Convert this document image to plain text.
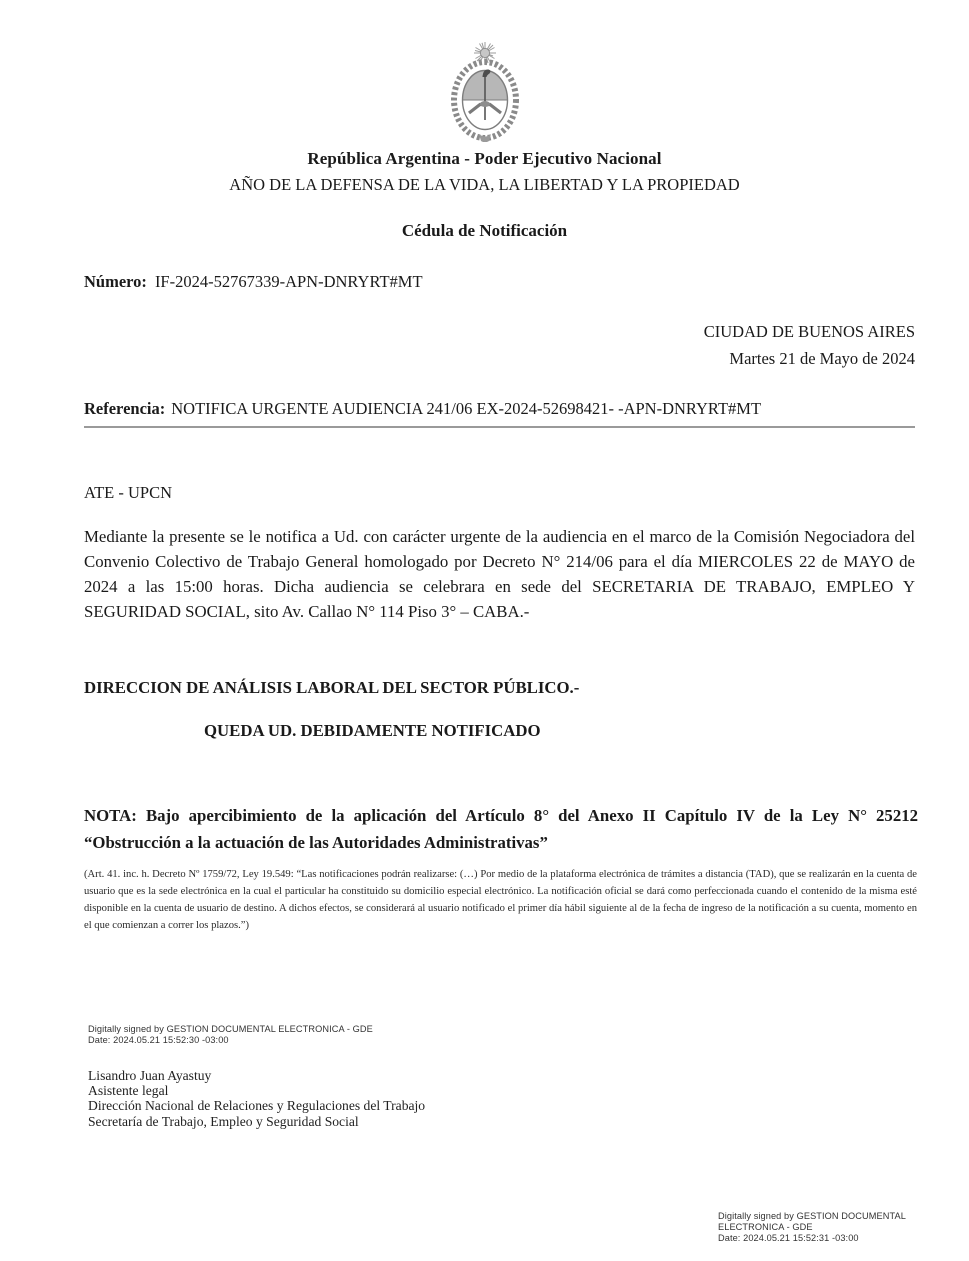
República Argentina - Poder Ejecutivo Nacional
AÑO DE LA DEFENSA DE LA VIDA, LA LIBERTAD Y LA PROPIEDAD
Cédula de Notificación
Número: IF-2024-52767339-APN-DNRYRT#MT
CIUDAD DE BUENOS AIRES
Martes 21 de Mayo de 2024
Referencia: NOTIFICA URGENTE AUDIENCIA 241/06 EX-2024-52698421- -APN-DNRYRT#MT
ATE - UPCN
Mediante la presente se le notifica a Ud. con carácter urgente de la audiencia en el marco de la Comisión Negociadora del Convenio Colectivo de Trabajo General homologado por Decreto N° 214/06 para el día MIERCOLES 22 de MAYO de 2024 a las 15:00 horas. Dicha audiencia se celebrara en sede del SECRETARIA DE TRABAJO, EMPLEO Y SEGURIDAD SOCIAL, sito Av. Callao N° 114 Piso 3° – CABA.-
DIRECCION DE ANÁLISIS LABORAL DEL SECTOR PÚBLICO.-
QUEDA UD. DEBIDAMENTE NOTIFICADO
NOTA: Bajo apercibimiento de la aplicación del Artículo 8° del Anexo II Capítulo IV de la Ley N° 25212 “Obstrucción a la actuación de las Autoridades Administrativas”
(Art. 41. inc. h. Decreto Nº 1759/72, Ley 19.549: “Las notificaciones podrán realizarse: (…) Por medio de la plataforma electrónica de trámites a distancia (TAD), que se realizarán en la cuenta de usuario que es la sede electrónica en la cual el particular ha constituido su domicilio especial electrónico. La notificación oficial se dará como perfeccionada cuando el contenido de la misma esté disponible en la cuenta de usuario de destino. A dichos efectos, se considerará al usuario notificado el primer día hábil siguiente al de la fecha de ingreso de la notificación a su cuenta, momento en el que comienzan a correr los plazos.”)
Digitally signed by GESTION DOCUMENTAL ELECTRONICA - GDE
Date: 2024.05.21 15:52:30 -03:00
Lisandro Juan Ayastuy
Asistente legal
Dirección Nacional de Relaciones y Regulaciones del Trabajo
Secretaría de Trabajo, Empleo y Seguridad Social
Digitally signed by GESTION DOCUMENTAL
ELECTRONICA - GDE
Date: 2024.05.21 15:52:31 -03:00
